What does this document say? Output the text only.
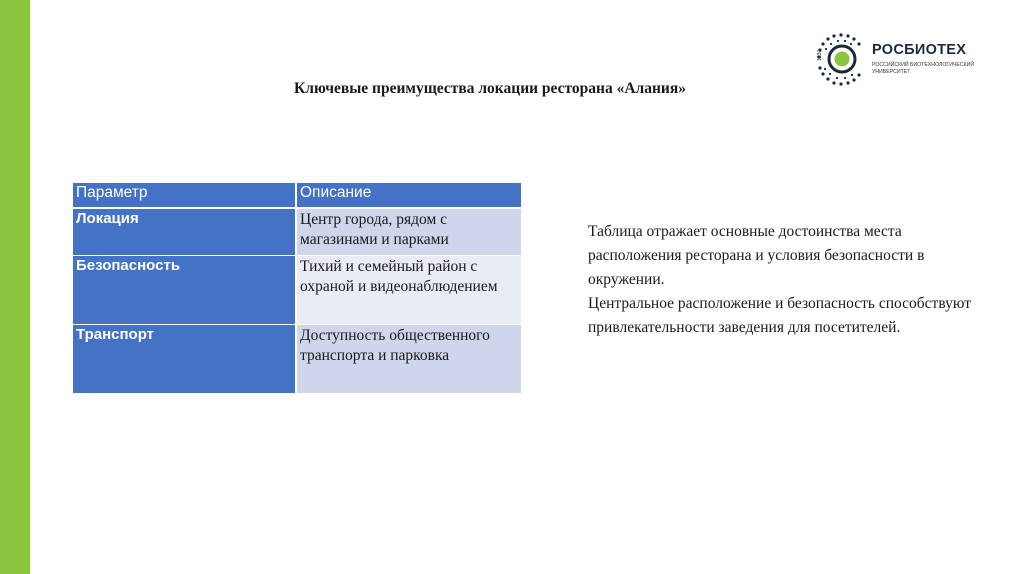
Ключевые преимущества локации ресторана «Алания»
1930	РОСБИОТЕХ
РОССИЙСКИЙ БИОТЕХНОЛОГИЧЕСКИЙ УНИВЕРСИТЕТ
Параметр	Описание
Локация	Центр города, рядом с магазинами и парками
Безопасность	Тихий и семейный район с охраной и видеонаблюдением
Транспорт	Доступность общественного транспорта и парковка

Таблица отражает основные достоинства места расположения ресторана и условия безопасности в окружении.

Центральное расположение и безопасность способствуют привлекательности заведения для посетителей.
